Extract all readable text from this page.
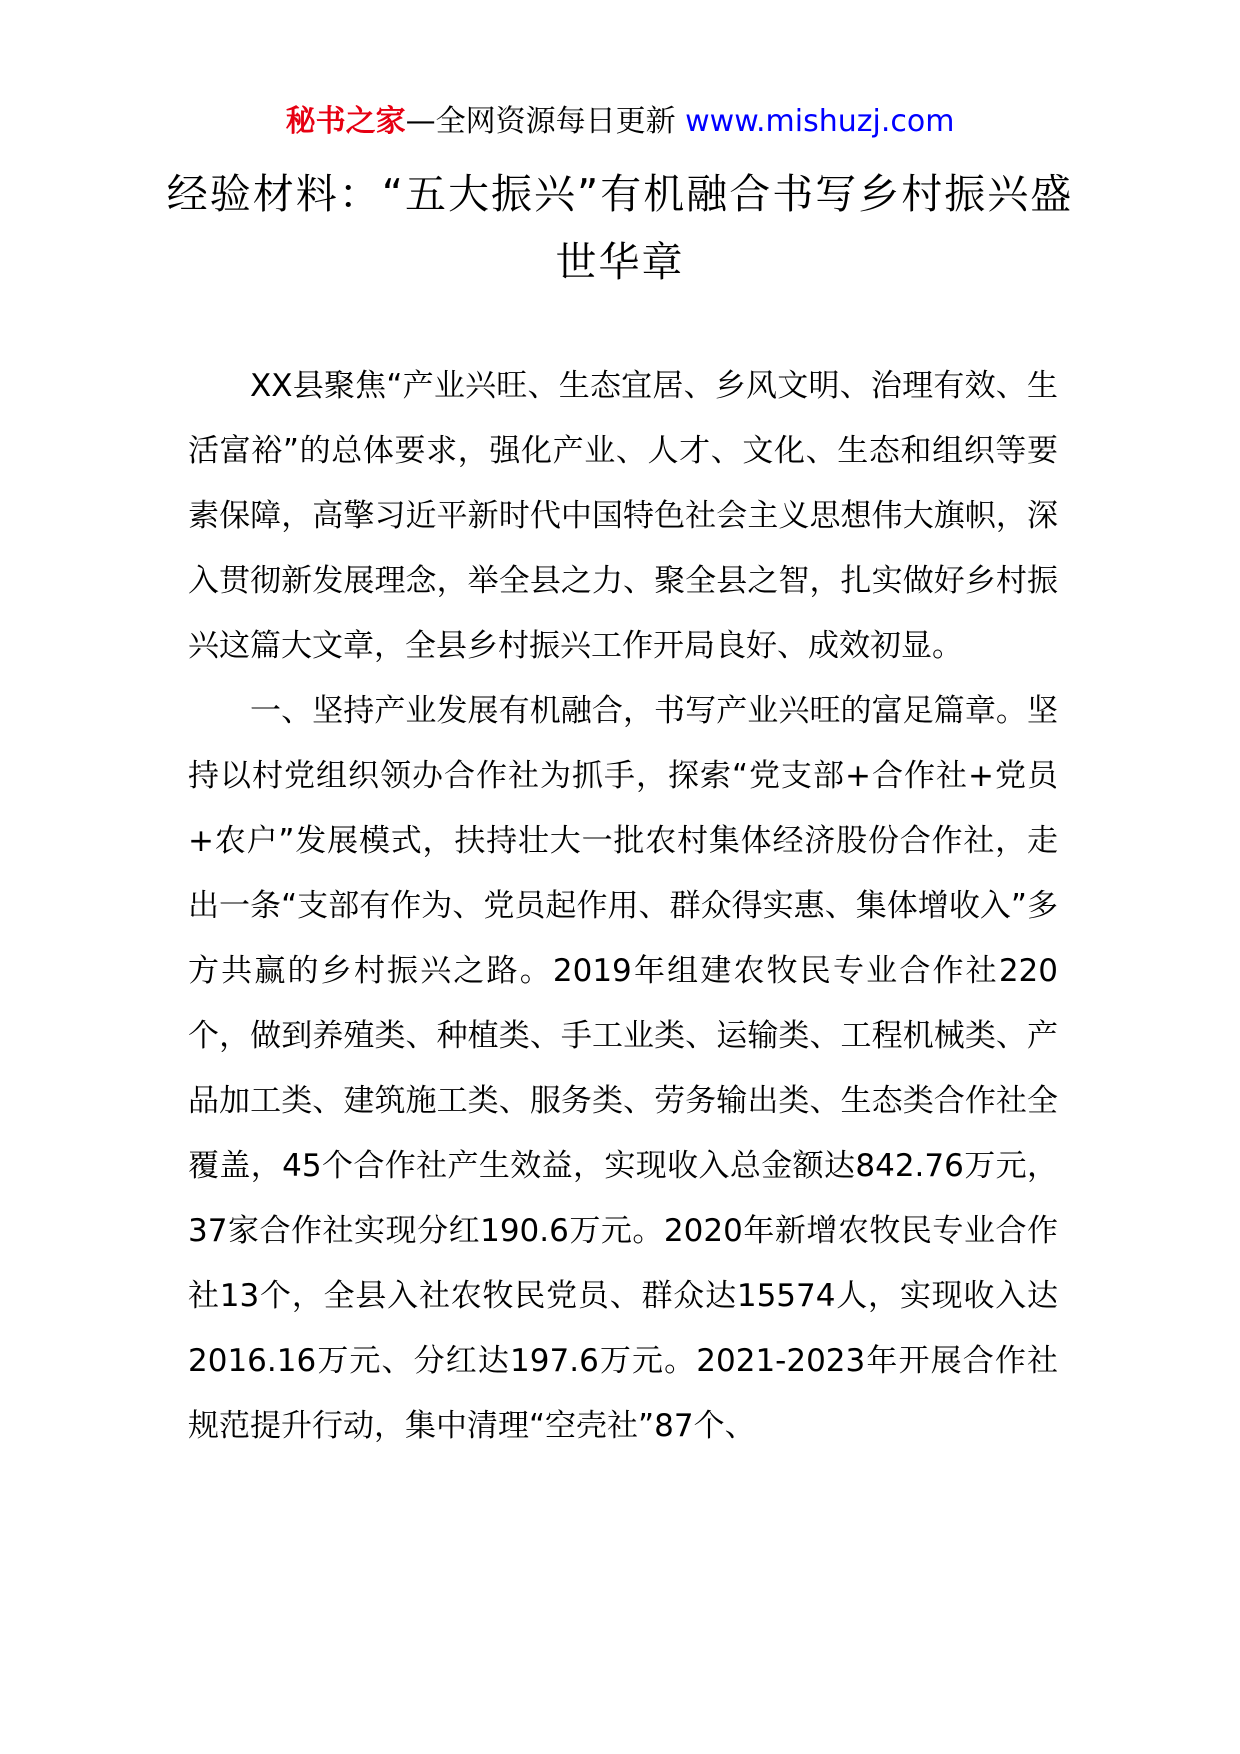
秘书之家—全网资源每日更新 www.mishuzj.com
经验材料：“五大振兴”有机融合书写乡村振兴盛世华章

XX县聚焦“产业兴旺、生态宜居、乡风文明、治理有效、生活富裕”的总体要求，强化产业、人才、文化、生态和组织等要素保障，高擎习近平新时代中国特色社会主义思想伟大旗帜，深入贯彻新发展理念，举全县之力、聚全县之智，扎实做好乡村振兴这篇大文章，全县乡村振兴工作开局良好、成效初显。

一、坚持产业发展有机融合，书写产业兴旺的富足篇章。坚持以村党组织领办合作社为抓手，探索“党支部+合作社+党员+农户”发展模式，扶持壮大一批农村集体经济股份合作社，走出一条“支部有作为、党员起作用、群众得实惠、集体增收入”多方共赢的乡村振兴之路。2019年组建农牧民专业合作社220个，做到养殖类、种植类、手工业类、运输类、工程机械类、产品加工类、建筑施工类、服务类、劳务输出类、生态类合作社全覆盖，45个合作社产生效益，实现收入总金额达842.76万元，37家合作社实现分红190.6万元。2020年新增农牧民专业合作社13个，全县入社农牧民党员、群众达15574人，实现收入达2016.16万元、分红达197.6万元。2021-2023年开展合作社规范提升行动，集中清理“空壳社”87个、
